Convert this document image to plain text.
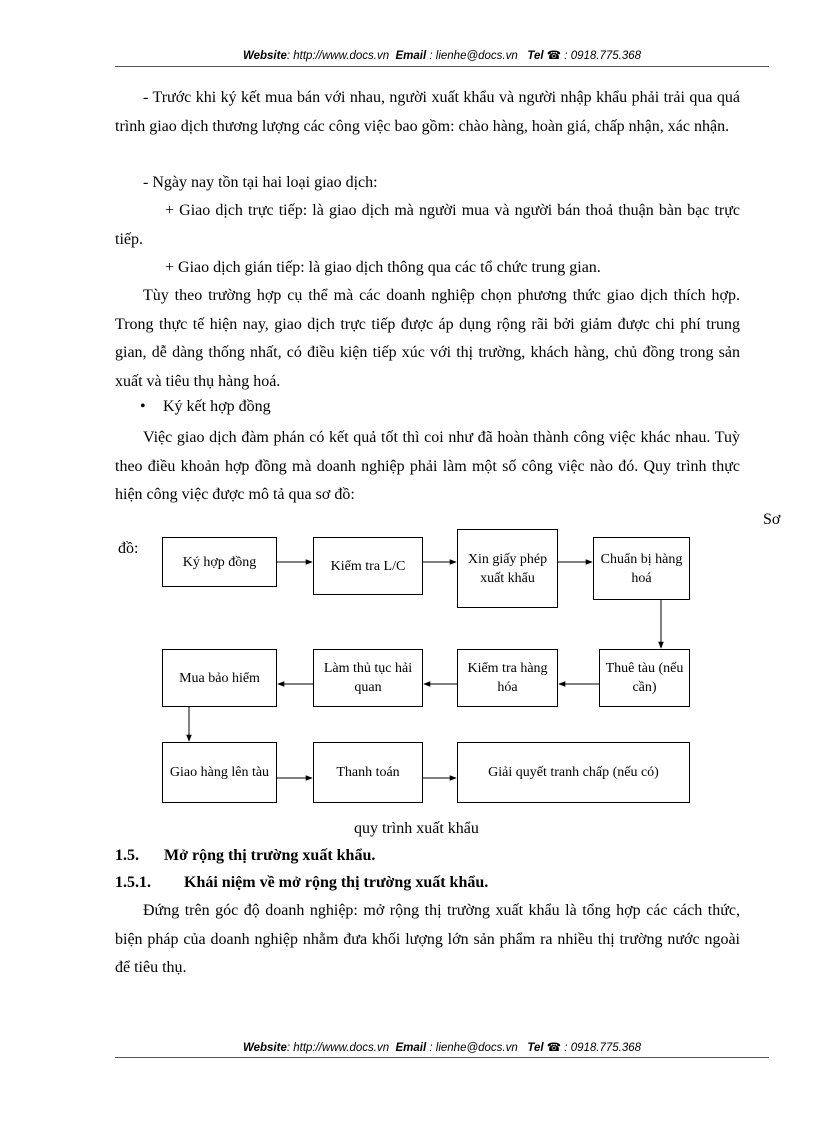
Website: http://www.docs.vn Email : lienhe@docs.vn Tel ☎ : 0918.775.368

- Trước khi ký kết mua bán với nhau, người xuất khẩu và người nhập khẩu phải trải qua quá trình giao dịch thương lượng các công việc bao gồm: chào hàng, hoàn giá, chấp nhận, xác nhận.

- Ngày nay tồn tại hai loại giao dịch:

+ Giao dịch trực tiếp: là giao dịch mà người mua và người bán thoả thuận bàn bạc trực tiếp.

+ Giao dịch gián tiếp: là giao dịch thông qua các tổ chức trung gian.

Tùy theo trường hợp cụ thể mà các doanh nghiệp chọn phương thức giao dịch thích hợp. Trong thực tế hiện nay, giao dịch trực tiếp được áp dụng rộng rãi bởi giảm được chi phí trung gian, dễ dàng thống nhất, có điều kiện tiếp xúc với thị trường, khách hàng, chủ đồng trong sản xuất và tiêu thụ hàng hoá.

• Ký kết hợp đồng

Việc giao dịch đàm phán có kết quả tốt thì coi như đã hoàn thành công việc khác nhau. Tuỳ theo điều khoản hợp đồng mà doanh nghiệp phải làm một số công việc nào đó. Quy trình thực hiện công việc được mô tả qua sơ đồ:

Sơ
đồ:
Ký hợp đồng	Kiểm tra L/C	Xin giấy phép xuất khẩu
Chuẩn bị hàng hoá
Mua bảo hiểm
Làm thủ tục hải quan
Kiểm tra hàng hóa
Thuê tàu (nếu cần)
Giao hàng lên tàu	Thanh toán	Giải quyết tranh chấp (nếu có)
quy trình xuất khẩu
1.5. Mở rộng thị trường xuất khẩu.
1.5.1. Khái niệm về mở rộng thị trường xuất khẩu.

Đứng trên góc độ doanh nghiệp: mở rộng thị trường xuất khẩu là tổng hợp các cách thức, biện pháp của doanh nghiệp nhằm đưa khối lượng lớn sản phẩm ra nhiều thị trường nước ngoài để tiêu thụ.

Website: http://www.docs.vn Email : lienhe@docs.vn Tel ☎ : 0918.775.368
